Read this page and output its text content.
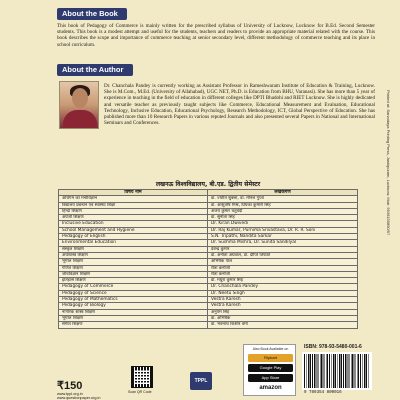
About the Book
This book of Pedagogy of Commerce is mainly written for the prescribed syllabus of University of Lucknow, Lucknow for B.Ed. Second Semester students. This book is a modest attempt and useful for the students, teachers and readers to provide an appropriate material related with the course. This book describes the scope and importance of commerce teaching at senior secondary level, different methodology of commerce teaching and its place in school curriculum.
About the Author
Dr. Chanchala Pandey is currently working as Assistant Professor in Rameshwaram Institute of Education & Training, Lucknow. She is M.Com., M.Ed. (University of Allahabad), UGC NET, Ph.D. is Education from BHU, Varanasi). She has more than 5 year of experience in teaching in the field of education in different colleges like DPTI Bhadohi and RIET Lucknow. She is highly dedicated and versatile teacher as previously taught subjects like Commerce, Educational Measurement and Evaluation, Educational Technology, Inclusive Education, Educational Psychology, Research Methodology, ICT, Global Perspective of Education. She has published more than 10 Research Papers in various reputed Journals and also presented several Papers in National and International Seminars and Conferences.
लखनऊ विश्वविद्यालय, बी.एड. द्वितीय सेमेस्टर
विषय नाम	लेखकगण
अधिगम का मनोविज्ञान	डॉ. ज्योति शुक्ला, डॉ. मीनल गुप्ता
विद्यालय प्रबन्धन एवं स्वास्थ्य शिक्षा	डॉ. आशुतोष मिश्र, प्रियंका कुमारी सिंह
हिन्दी शिक्षण	अजय कुमार चतुर्वेदी
अंग्रेजी शिक्षण	डॉ. सुनीता सिंह
Inclusive Education	Dr. Kiran Dwivedi
School Management and Hygiene	Dr. Raj Kumar, Purnima Srivastava, Dr. R. R. Soni
Pedagogy of English	S.N. Tripathi, Nandita Sarkar
Environmental Education	Dr. Sushma Mishra, Dr. Sunita Sandilyal
संस्कृत शिक्षण	देवेन्द्र कुमार
अर्थशास्त्र शिक्षण	डॉ. अनीता अग्रवाल, डॉ. दीप्ति त्रिपाठी
भूगोल शिक्षण	अभिषेक पाल
गणित शिक्षण	रीता कनौजी
जीवविज्ञान शिक्षण	रीता कनौजी
इतिहास शिक्षण	डॉ. मधुरा कुमार सिंह
Pedagogy of Commerce	Dr. Chanchala Pandey
Pedagogy of Science	Dr. Neetu Singh
Pedagogy of Mathematics	Vestra Karesh
Pedagogy of Biology	Vestra Karesh
नागरिक शास्त्र शिक्षण	अनुपम सिंह
भूगोल शिक्षण	डॉ. अभिषेक
संगीत शिक्षण	डॉ. भवनाथ किशोर वर्मा
Printed at: Sarvodaya Printing Press, Jankipuram, Lucknow. Mob: 9936155890/97
₹150
www.tppl.org.in
www.questionpaper.org.in
Scan QR Code
TPPL
Also Book Available on
Flipkart
Google Play
App Store
amazon
ISBN: 978-93-5480-001-6
9 789354 800016
